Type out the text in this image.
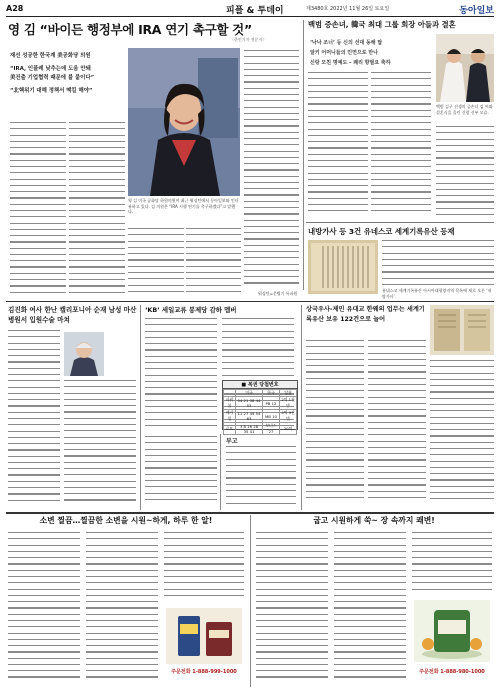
A28	피플 & 투데이	제3480호 2022년 11월 26일 토요일	동아일보
영 김 “바이든 행정부에 IRA 연기 촉구할 것”
〈한인기자 전문자〉
재선 성공한 한국계 美공화당 의원
“IRA, 인플레 낮추는데 도움 안돼
美진출 기업협력 때문에 불 붙이다”
“北핵위기 대해 정책서 맥킬 해야”
워싱턴=문병기 특파원
영 김 미국 공화당 하원의원이 최근 워싱턴에서 동아일보와 인터뷰하고 있다. 김 의원은 “IRA 시행 연기를 촉구하겠다”고 말했다.
백범 증손녀, 韓국 최대 그룹 회장 아들과 결혼
‘낙낙 조너’ 등 신의 선대 동해 탑
알키 어머니들의 인연으로 만나
신랑 모친 명예도 – 쾌리 향필요 축하
백범 김구 선생의 증손녀 김 씨와 결혼식을 올린 신랑 신부 모습.
내방가사 등 3건 유네스코 세계기록유산 등재
유네스코 세계기록유산 아시아태평양지역 목록에 새로 오른 ‘내방가사’.
김진화 여사 한난 캘리포니아 순재 남성 마산병원서 입원수술 마쳐
‘KB’ 세일교류 봉제당 감하 멤버
부고
■ 복권 당첨번호
	미국	한국	당첨
파워볼	04 21 38 44 53	PB 12	2억 1천만
메가밀	11 27 49 54 63	MB 10	4억 9천만
로또	3 8 16 28 35 41	보너스 27	20억
상국우사-제민 유대교 한웨의 업무는 세계기록유산 보유 122건으로 늘어
소변 찔끔…찔끔한 소변을 시원~하게, 하루 한 알!
주문전화 1-888-999-1000
굽고 시원하게 쑥~ 장 속까지 쾌변!
주문전화 1-888-980-1000
